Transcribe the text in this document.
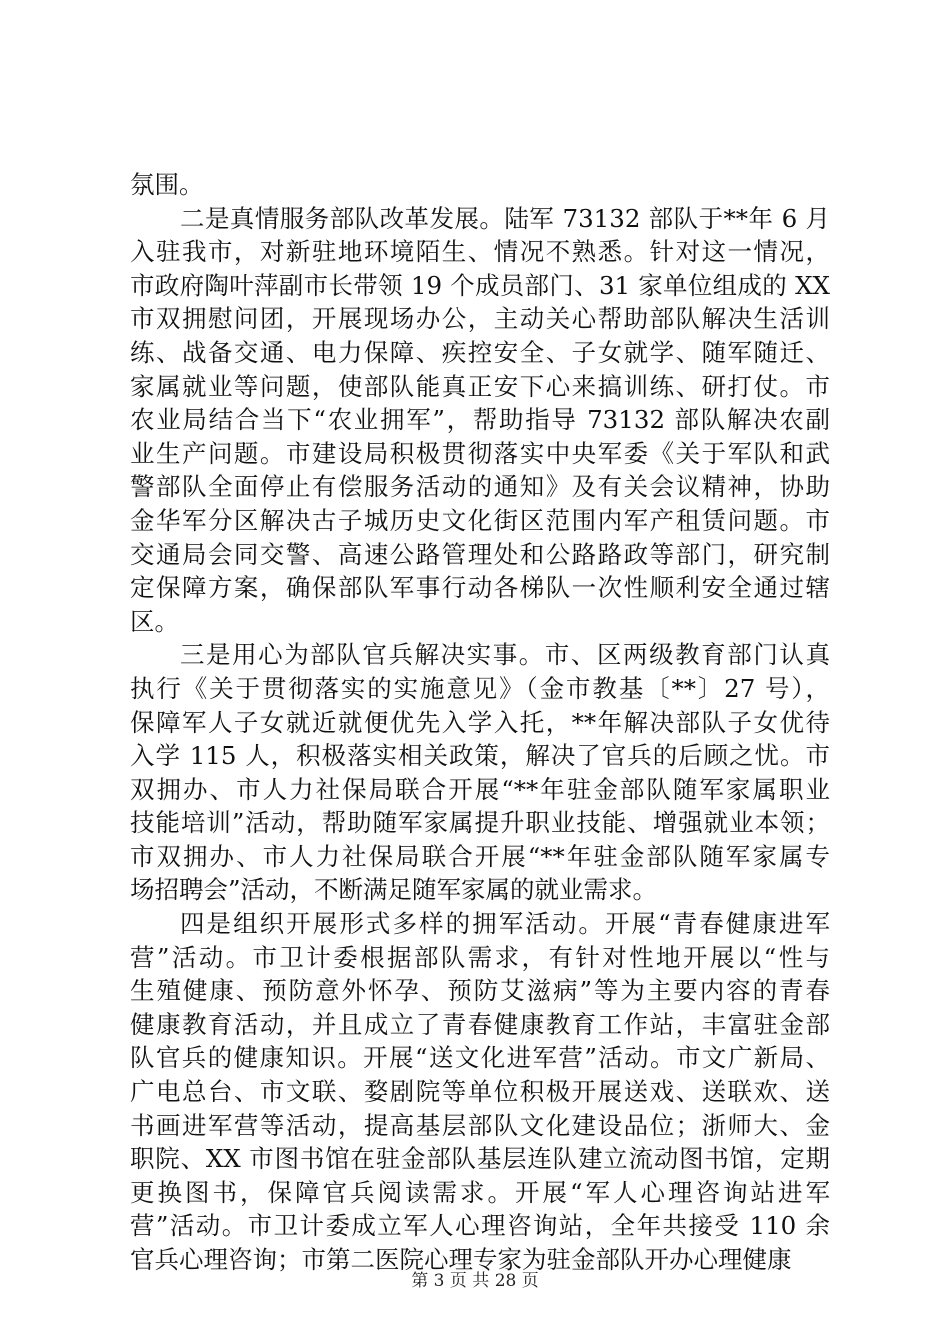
氛围。
二是真情服务部队改革发展。陆军 73132 部队于**年 6 月
入驻我市，对新驻地环境陌生、情况不熟悉。针对这一情况，
市政府陶叶萍副市长带领 19 个成员部门、31 家单位组成的 XX
市双拥慰问团，开展现场办公，主动关心帮助部队解决生活训
练、战备交通、电力保障、疾控安全、子女就学、随军随迁、
家属就业等问题，使部队能真正安下心来搞训练、研打仗。市
农业局结合当下“农业拥军”，帮助指导 73132 部队解决农副
业生产问题。市建设局积极贯彻落实中央军委《关于军队和武
警部队全面停止有偿服务活动的通知》及有关会议精神，协助
金华军分区解决古子城历史文化街区范围内军产租赁问题。市
交通局会同交警、高速公路管理处和公路路政等部门，研究制
定保障方案，确保部队军事行动各梯队一次性顺利安全通过辖
区。
三是用心为部队官兵解决实事。市、区两级教育部门认真
执行《关于贯彻落实的实施意见》（金市教基〔**〕27 号），
保障军人子女就近就便优先入学入托，**年解决部队子女优待
入学 115 人，积极落实相关政策，解决了官兵的后顾之忧。市
双拥办、市人力社保局联合开展“**年驻金部队随军家属职业
技能培训”活动，帮助随军家属提升职业技能、增强就业本领；
市双拥办、市人力社保局联合开展“**年驻金部队随军家属专
场招聘会”活动，不断满足随军家属的就业需求。
四是组织开展形式多样的拥军活动。开展“青春健康进军
营”活动。市卫计委根据部队需求，有针对性地开展以“性与
生殖健康、预防意外怀孕、预防艾滋病”等为主要内容的青春
健康教育活动，并且成立了青春健康教育工作站，丰富驻金部
队官兵的健康知识。开展“送文化进军营”活动。市文广新局、
广电总台、市文联、婺剧院等单位积极开展送戏、送联欢、送
书画进军营等活动，提高基层部队文化建设品位；浙师大、金
职院、XX 市图书馆在驻金部队基层连队建立流动图书馆，定期
更换图书，保障官兵阅读需求。开展“军人心理咨询站进军
营”活动。市卫计委成立军人心理咨询站，全年共接受 110 余
官兵心理咨询；市第二医院心理专家为驻金部队开办心理健康
第 3 页 共 28 页
